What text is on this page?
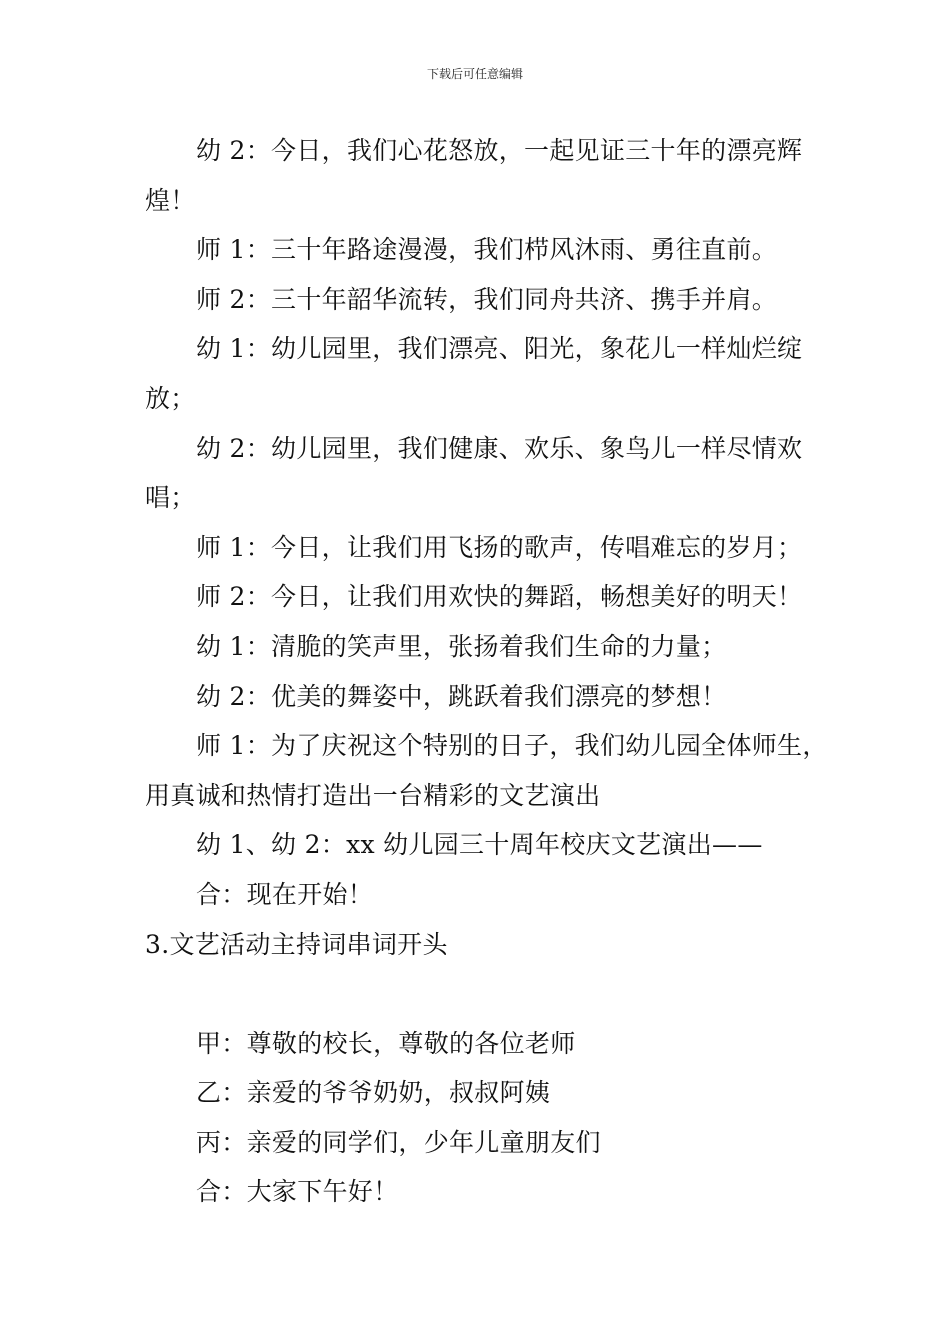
下载后可任意编辑
幼 2：今日，我们心花怒放，一起见证三十年的漂亮辉
煌！
师 1：三十年路途漫漫，我们栉风沐雨、勇往直前。
师 2：三十年韶华流转，我们同舟共济、携手并肩。
幼 1：幼儿园里，我们漂亮、阳光，象花儿一样灿烂绽
放；
幼 2：幼儿园里，我们健康、欢乐、象鸟儿一样尽情欢
唱；
师 1：今日，让我们用飞扬的歌声，传唱难忘的岁月；
师 2：今日，让我们用欢快的舞蹈，畅想美好的明天！
幼 1：清脆的笑声里，张扬着我们生命的力量；
幼 2：优美的舞姿中，跳跃着我们漂亮的梦想！
师 1：为了庆祝这个特别的日子，我们幼儿园全体师生，
用真诚和热情打造出一台精彩的文艺演出
幼 1、幼 2：xx 幼儿园三十周年校庆文艺演出——
合：现在开始！
3.文艺活动主持词串词开头
甲：尊敬的校长，尊敬的各位老师
乙：亲爱的爷爷奶奶，叔叔阿姨
丙：亲爱的同学们，少年儿童朋友们
合：大家下午好！
